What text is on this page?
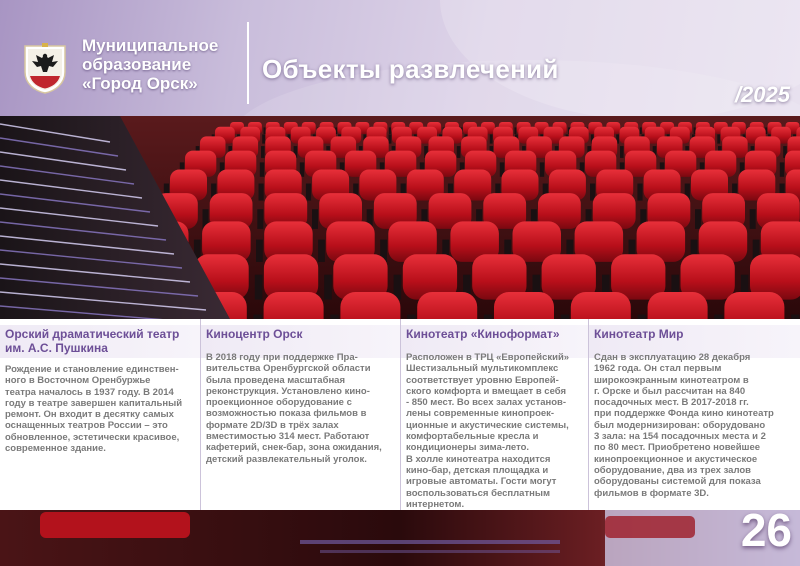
Муниципальное
образование
«Город Орск»	Объекты развлечений
/2025
Орский драматический театр им. А.С. Пушкина
Рождение и становление единствен-
ного в Восточном Оренбуржье
театра началось в 1937 году. В 2014
году в театре завершен капитальный
ремонт. Он входит в десятку самых
оснащенных театров России – это
обновленное, эстетически красивое,
современное здание.
Киноцентр Орск
В 2018 году при поддержке Пра-
вительства Оренбургской области
была проведена масштабная
реконструкция. Установлено кино-
проекционное оборудование с
возможностью показа фильмов в
формате 2D/3D в трёх залах
вместимостью 314 мест. Работают
кафетерий, снек-бар, зона ожидания,
детский развлекательный уголок.
Кинотеатр «Киноформат»
Расположен в ТРЦ «Европейский»
Шестизальный мультикомплекс
соответствует уровню Европей-
ского комфорта и вмещает в себя
- 850 мест. Во всех залах установ-
лены современные кинопроек-
ционные и акустические системы,
комфортабельные кресла и
кондиционеры зима-лето.
В холле кинотеатра находится
кино-бар, детская площадка и
игровые автоматы. Гости могут
воспользоваться бесплатным
интернетом.
Кинотеатр Мир
Сдан в эксплуатацию 28 декабря
1962 года. Он стал первым
широкоэкранным кинотеатром в
г. Орске и был рассчитан на 840
посадочных мест. В 2017-2018 гг.
при поддержке Фонда кино кинотеатр
был модернизирован: оборудовано
3 зала: на 154 посадочных места и 2
по 80 мест. Приобретено новейшее
кинопроекционное и акустическое
оборудование, два из трех залов
оборудованы системой для показа
фильмов в формате 3D.
26
